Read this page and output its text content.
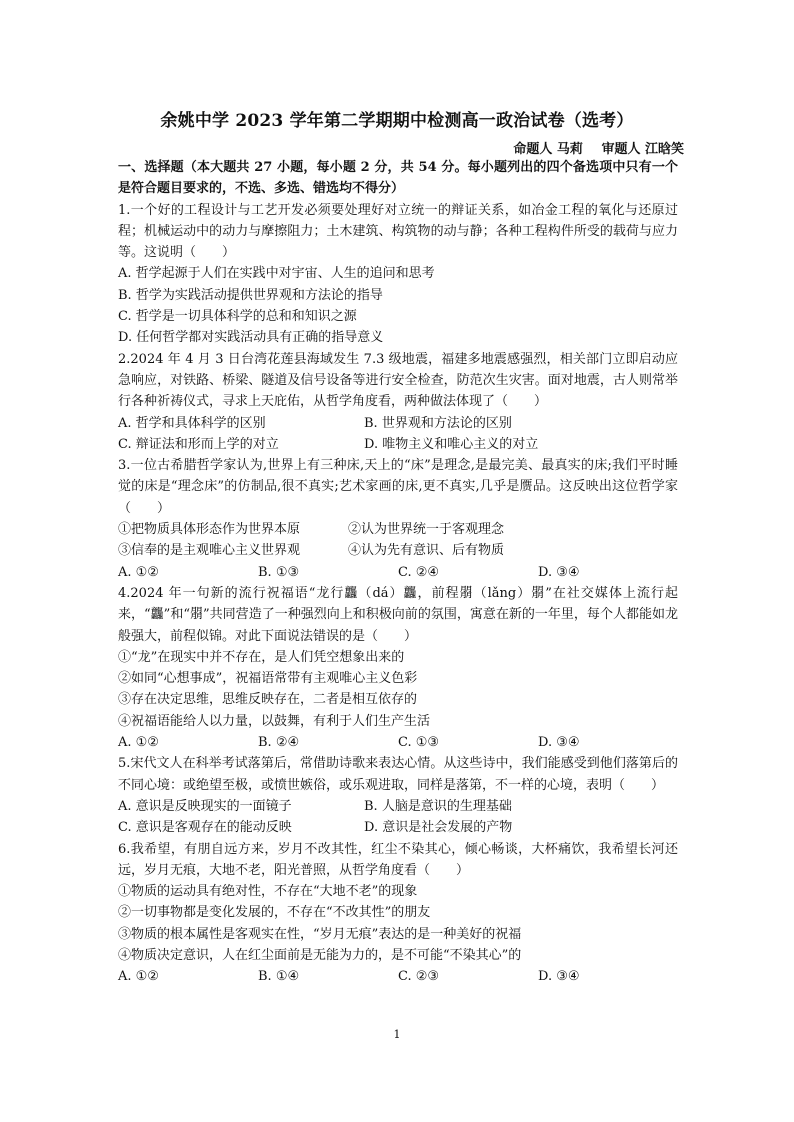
余姚中学 2023 学年第二学期期中检测高一政治试卷（选考）
命题人 马莉 审题人 江晗笑

一、选择题（本大题共 27 小题，每小题 2 分，共 54 分。每小题列出的四个备选项中只有一个是符合题目要求的，不选、多选、错选均不得分）

1.一个好的工程设计与工艺开发必须要处理好对立统一的辩证关系，如冶金工程的氧化与还原过程；机械运动中的动力与摩擦阻力；土木建筑、构筑物的动与静；各种工程构件所受的载荷与应力等。这说明（　　）

A. 哲学起源于人们在实践中对宇宙、人生的追问和思考

B. 哲学为实践活动提供世界观和方法论的指导

C. 哲学是一切具体科学的总和和知识之源

D. 任何哲学都对实践活动具有正确的指导意义

2.2024 年 4 月 3 日台湾花莲县海域发生 7.3 级地震，福建多地震感强烈，相关部门立即启动应急响应，对铁路、桥梁、隧道及信号设备等进行安全检查，防范次生灾害。面对地震，古人则常举行各种祈祷仪式，寻求上天庇佑，从哲学角度看，两种做法体现了（　　）

A. 哲学和具体科学的区别	B. 世界观和方法论的区别
C. 辩证法和形而上学的对立	D. 唯物主义和唯心主义的对立

3.一位古希腊哲学家认为,世界上有三种床,天上的“床”是理念,是最完美、最真实的床;我们平时睡觉的床是“理念床”的仿制品,很不真实;艺术家画的床,更不真实,几乎是赝品。这反映出这位哲学家（　　）

①把物质具体形态作为世界本原	②认为世界统一于客观理念
③信奉的是主观唯心主义世界观	④认为先有意识、后有物质
A. ①②	B. ①③	C. ②④	D. ③④

4.2024 年一句新的流行祝福语“龙行龘（dá）龘，前程朤（lǎng）朤”在社交媒体上流行起来，“龘”和“朤”共同营造了一种强烈向上和积极向前的氛围，寓意在新的一年里，每个人都能如龙般强大，前程似锦。对此下面说法错误的是（　　）

①“龙”在现实中并不存在，是人们凭空想象出来的

②如同“心想事成”，祝福语常带有主观唯心主义色彩

③存在决定思维，思维反映存在，二者是相互依存的

④祝福语能给人以力量，以鼓舞，有利于人们生产生活

A. ①②	B. ②④	C. ①③	D. ③④

5.宋代文人在科举考试落第后，常借助诗歌来表达心情。从这些诗中，我们能感受到他们落第后的不同心境：或绝望至极，或愤世嫉俗，或乐观进取，同样是落第，不一样的心境，表明（　　）

A. 意识是反映现实的一面镜子	B. 人脑是意识的生理基础
C. 意识是客观存在的能动反映	D. 意识是社会发展的产物

6.我希望，有朋自远方来，岁月不改其性，红尘不染其心，倾心畅谈，大杯痛饮，我希望长河还远，岁月无痕，大地不老，阳光普照，从哲学角度看（　　）

①物质的运动具有绝对性，不存在“大地不老”的现象

②一切事物都是变化发展的，不存在“不改其性”的朋友

③物质的根本属性是客观实在性，“岁月无痕”表达的是一种美好的祝福

④物质决定意识，人在红尘面前是无能为力的，是不可能“不染其心”的

A. ①②	B. ①④	C. ②③	D. ③④
1
